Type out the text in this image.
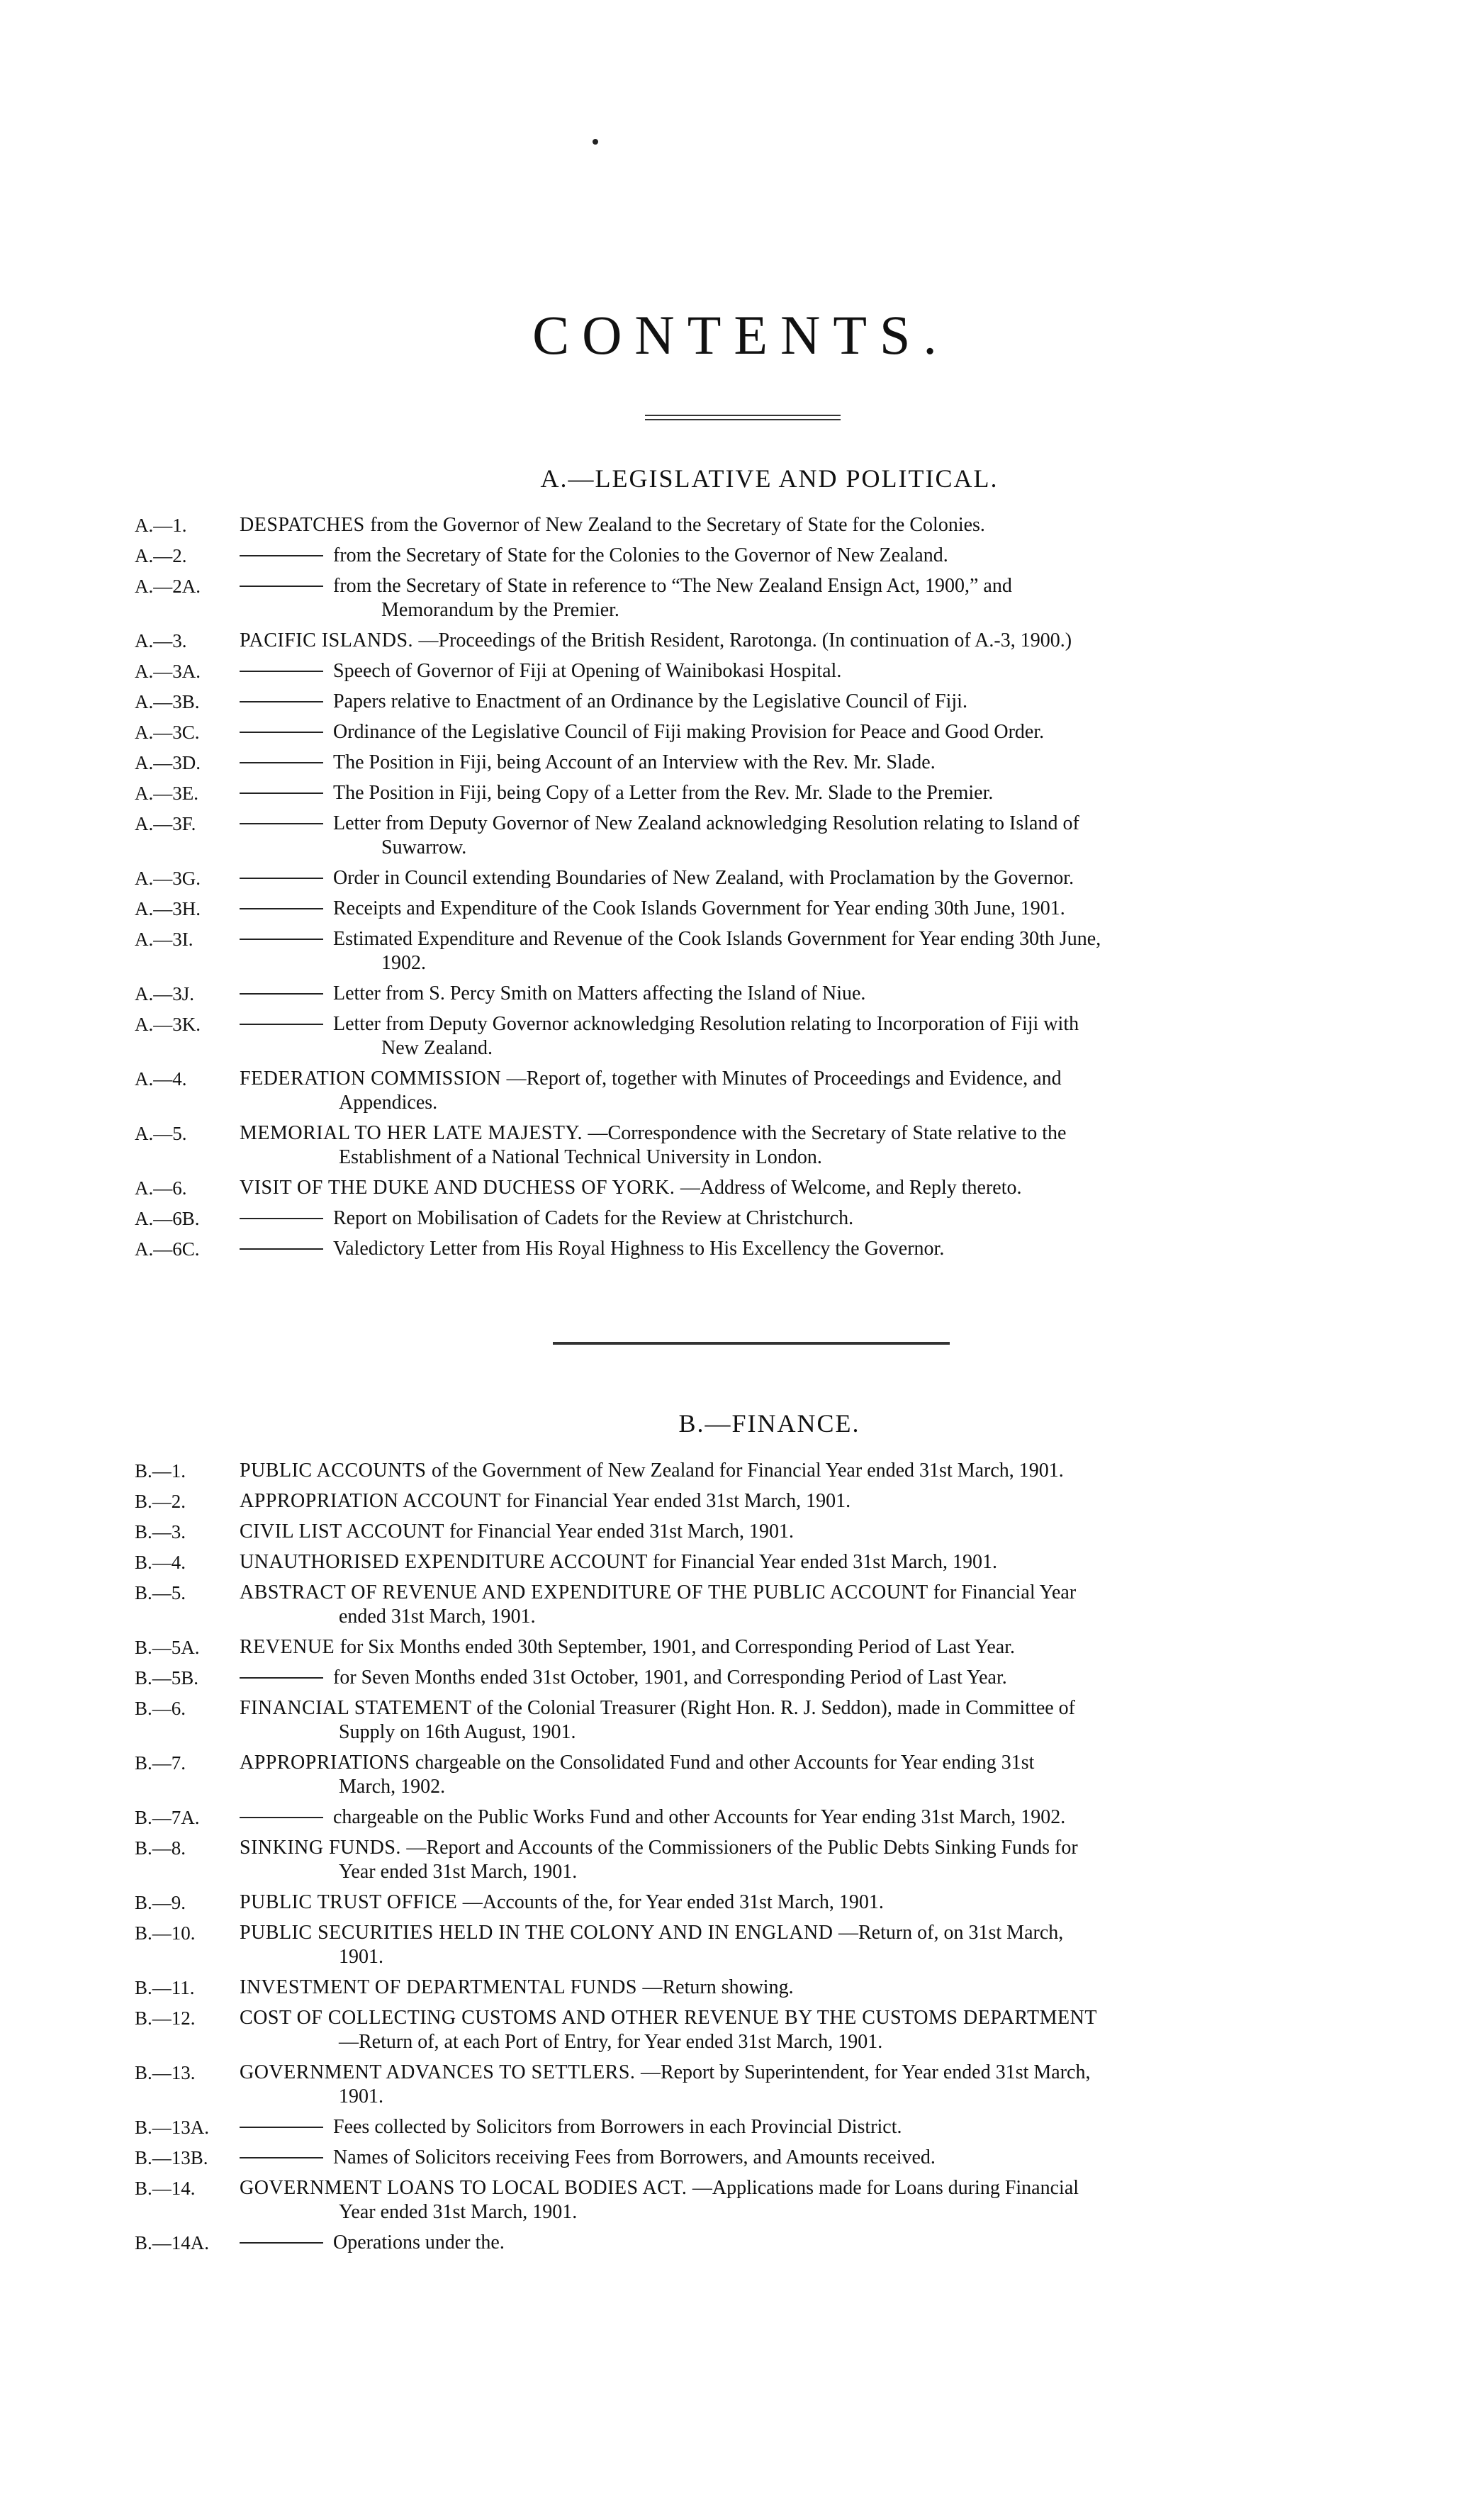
CONTENTS.
A.—LEGISLATIVE AND POLITICAL.
A.—1.	DESPATCHES from the Governor of New Zealand to the Secretary of State for the Colonies.
A.—2.	from the Secretary of State for the Colonies to the Governor of New Zealand.
A.—2A.	from the Secretary of State in reference to “The New Zealand Ensign Act, 1900,” and
Memorandum by the Premier.
A.—3.	PACIFIC ISLANDS. —Proceedings of the British Resident, Rarotonga. (In continuation of A.-3, 1900.)
A.—3A.	Speech of Governor of Fiji at Opening of Wainibokasi Hospital.
A.—3B.	Papers relative to Enactment of an Ordinance by the Legislative Council of Fiji.
A.—3C.	Ordinance of the Legislative Council of Fiji making Provision for Peace and Good Order.
A.—3D.	The Position in Fiji, being Account of an Interview with the Rev. Mr. Slade.
A.—3E.	The Position in Fiji, being Copy of a Letter from the Rev. Mr. Slade to the Premier.
A.—3F.	Letter from Deputy Governor of New Zealand acknowledging Resolution relating to Island of
Suwarrow.
A.—3G.	Order in Council extending Boundaries of New Zealand, with Proclamation by the Governor.
A.—3H.	Receipts and Expenditure of the Cook Islands Government for Year ending 30th June, 1901.
A.—3I.	Estimated Expenditure and Revenue of the Cook Islands Government for Year ending 30th June,
1902.
A.—3J.	Letter from S. Percy Smith on Matters affecting the Island of Niue.
A.—3K.	Letter from Deputy Governor acknowledging Resolution relating to Incorporation of Fiji with
New Zealand.
A.—4.	FEDERATION COMMISSION —Report of, together with Minutes of Proceedings and Evidence, and
Appendices.
A.—5.	MEMORIAL TO HER LATE MAJESTY. —Correspondence with the Secretary of State relative to the
Establishment of a National Technical University in London.
A.—6.	VISIT OF THE DUKE AND DUCHESS OF YORK. —Address of Welcome, and Reply thereto.
A.—6B.	Report on Mobilisation of Cadets for the Review at Christchurch.
A.—6C.	Valedictory Letter from His Royal Highness to His Excellency the Governor.
B.—FINANCE.
B.—1.	PUBLIC ACCOUNTS of the Government of New Zealand for Financial Year ended 31st March, 1901.
B.—2.	APPROPRIATION ACCOUNT for Financial Year ended 31st March, 1901.
B.—3.	CIVIL LIST ACCOUNT for Financial Year ended 31st March, 1901.
B.—4.	UNAUTHORISED EXPENDITURE ACCOUNT for Financial Year ended 31st March, 1901.
B.—5.	ABSTRACT OF REVENUE AND EXPENDITURE OF THE PUBLIC ACCOUNT for Financial Year
ended 31st March, 1901.
B.—5A.	REVENUE for Six Months ended 30th September, 1901, and Corresponding Period of Last Year.
B.—5B.	for Seven Months ended 31st October, 1901, and Corresponding Period of Last Year.
B.—6.	FINANCIAL STATEMENT of the Colonial Treasurer (Right Hon. R. J. Seddon), made in Committee of
Supply on 16th August, 1901.
B.—7.	APPROPRIATIONS chargeable on the Consolidated Fund and other Accounts for Year ending 31st
March, 1902.
B.—7A.	chargeable on the Public Works Fund and other Accounts for Year ending 31st March, 1902.
B.—8.	SINKING FUNDS. —Report and Accounts of the Commissioners of the Public Debts Sinking Funds for
Year ended 31st March, 1901.
B.—9.	PUBLIC TRUST OFFICE —Accounts of the, for Year ended 31st March, 1901.
B.—10.	PUBLIC SECURITIES HELD IN THE COLONY AND IN ENGLAND —Return of, on 31st March,
1901.
B.—11.	INVESTMENT OF DEPARTMENTAL FUNDS —Return showing.
B.—12.	COST OF COLLECTING CUSTOMS AND OTHER REVENUE BY THE CUSTOMS DEPARTMENT
—Return of, at each Port of Entry, for Year ended 31st March, 1901.
B.—13.	GOVERNMENT ADVANCES TO SETTLERS. —Report by Superintendent, for Year ended 31st March,
1901.
B.—13A.	Fees collected by Solicitors from Borrowers in each Provincial District.
B.—13B.	Names of Solicitors receiving Fees from Borrowers, and Amounts received.
B.—14.	GOVERNMENT LOANS TO LOCAL BODIES ACT. —Applications made for Loans during Financial
Year ended 31st March, 1901.
B.—14A.	Operations under the.
